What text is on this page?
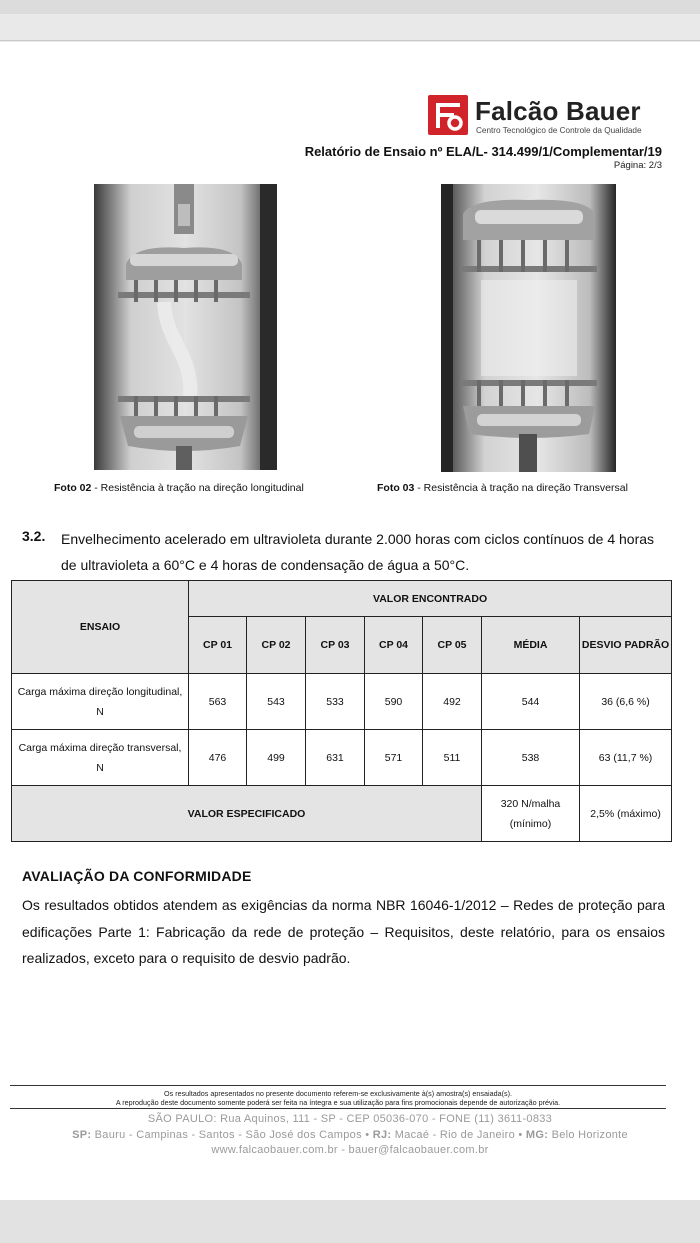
Falcão Bauer
Centro Tecnológico de Controle da Qualidade
Relatório de Ensaio nº ELA/L- 314.499/1/Complementar/19
Página: 2/3
Foto 02 - Resistência à tração na direção longitudinal	Foto 03 - Resistência à tração na direção Transversal
3.2. Envelhecimento acelerado em ultravioleta durante 2.000 horas com ciclos contínuos de 4 horas de ultravioleta a 60°C e 4 horas de condensação de água a 50°C.
ENSAIO	VALOR ENCONTRADO						
	CP 01	CP 02	CP 03	CP 04	CP 05	MÉDIA	DESVIO PADRÃO
Carga máxima direção longitudinal, N	563	543	533	590	492	544	36 (6,6 %)
Carga máxima direção transversal, N	476	499	631	571	511	538	63 (11,7 %)
VALOR ESPECIFICADO						320 N/malha (mínimo)	2,5% (máximo)
AVALIAÇÃO DA CONFORMIDADE
Os resultados obtidos atendem as exigências da norma NBR 16046-1/2012 – Redes de proteção para edificações Parte 1: Fabricação da rede de proteção – Requisitos, deste relatório, para os ensaios realizados, exceto para o requisito de desvio padrão.
Os resultados apresentados no presente documento referem-se exclusivamente à(s) amostra(s) ensaiada(s).
A reprodução deste documento somente poderá ser feita na íntegra e sua utilização para fins promocionais depende de autorização prévia.
SÃO PAULO: Rua Aquinos, 111 - SP - CEP 05036-070 - FONE (11) 3611-0833
SP: Bauru - Campinas - Santos - São José dos Campos • RJ: Macaé - Rio de Janeiro • MG: Belo Horizonte
www.falcaobauer.com.br - bauer@falcaobauer.com.br
